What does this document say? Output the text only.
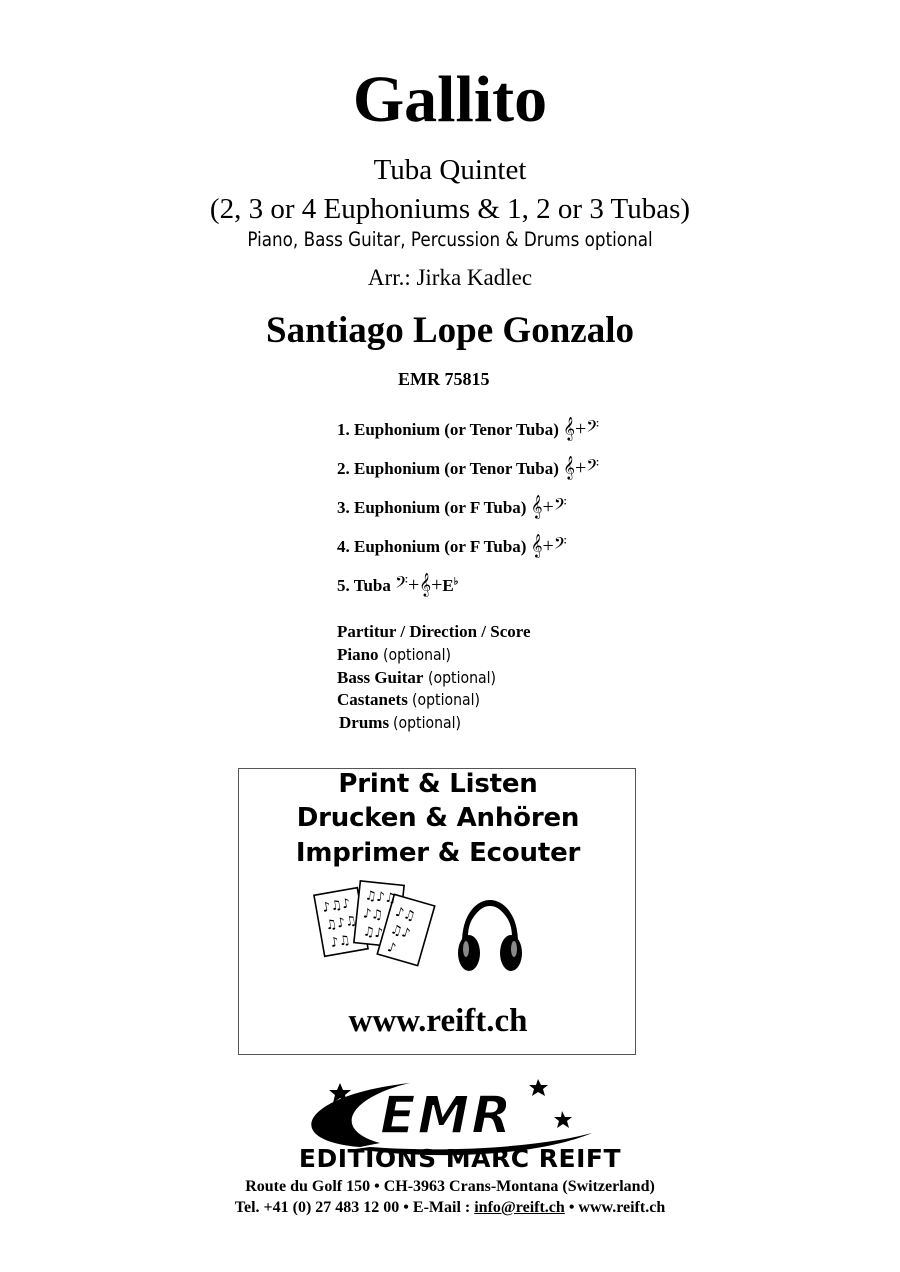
Gallito
Tuba Quintet
(2, 3 or 4 Euphoniums & 1, 2 or 3 Tubas)
Piano, Bass Guitar, Percussion & Drums optional
Arr.: Jirka Kadlec
Santiago Lope Gonzalo
EMR 75815
1. Euphonium (or Tenor Tuba) 𝄞+𝄢
2. Euphonium (or Tenor Tuba) 𝄞+𝄢
3. Euphonium (or F Tuba) 𝄞+𝄢
4. Euphonium (or F Tuba) 𝄞+𝄢
5. Tuba 𝄢+𝄞+E♭
Partitur / Direction / Score
Piano (optional)
Bass Guitar (optional)
Castanets (optional)
Drums (optional)
Print & Listen
Drucken & Anhören
Imprimer & Ecouter
♪♫♪
♫♪♫
♪♫
♫♪♫
♪♫
♫♪
♪♫
♫♪
♪
www.reift.ch
EMR
EDITIONS MARC REIFT
Route du Golf 150 • CH-3963 Crans-Montana (Switzerland)
Tel. +41 (0) 27 483 12 00 • E-Mail : info@reift.ch • www.reift.ch
